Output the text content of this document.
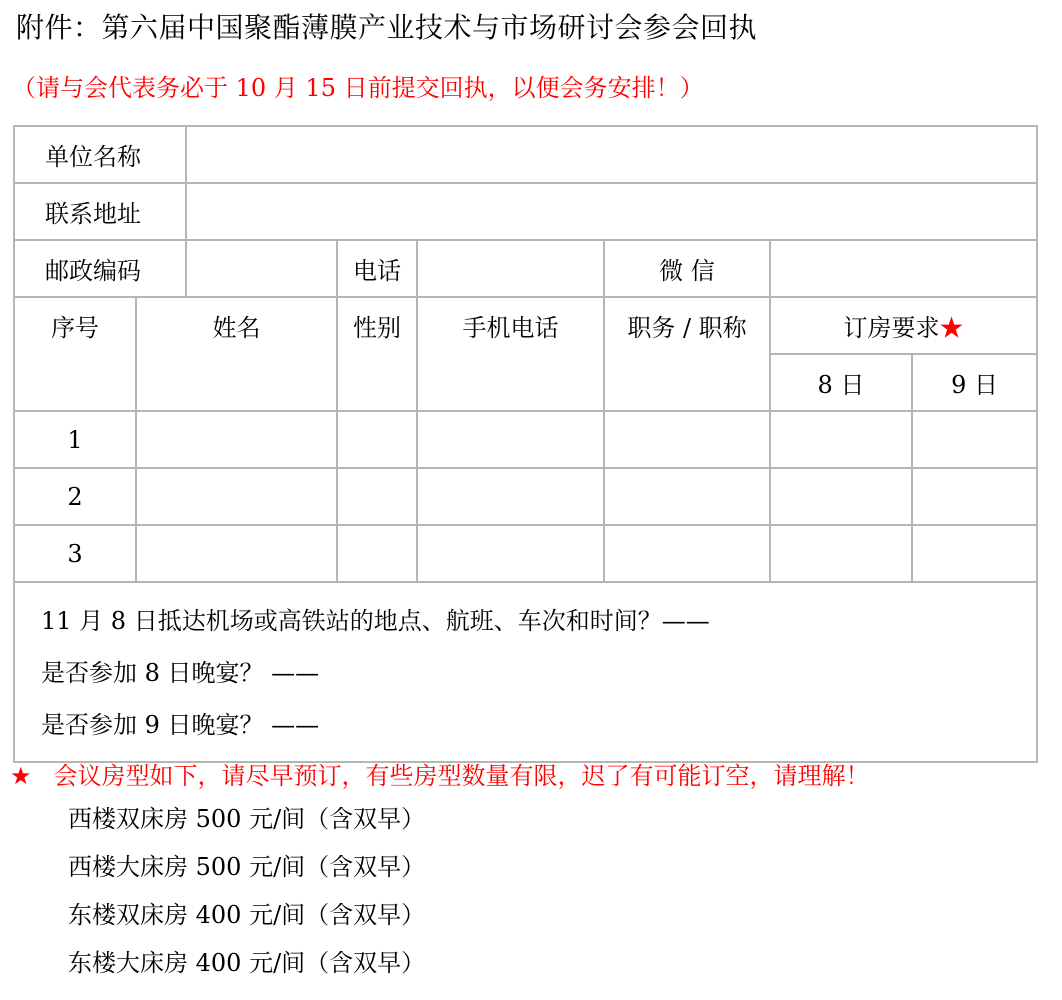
附件：第六届中国聚酯薄膜产业技术与市场研讨会参会回执
（请与会代表务必于 10 月 15 日前提交回执，以便会务安排！）
单位名称							
联系地址							
邮政编码			电话		微 信		
序号	姓名		性别	手机电话	职务 / 职称	订房要求★	
						8 日	9 日
1							
2							
3							

11 月 8 日抵达机场或高铁站的地点、航班、车次和时间？——
是否参加 8 日晚宴？ ——
是否参加 9 日晚宴？ ——							
★ 会议房型如下，请尽早预订，有些房型数量有限，迟了有可能订空，请理解！
西楼双床房 500 元/间（含双早）
西楼大床房 500 元/间（含双早）
东楼双床房 400 元/间（含双早）
东楼大床房 400 元/间（含双早）
